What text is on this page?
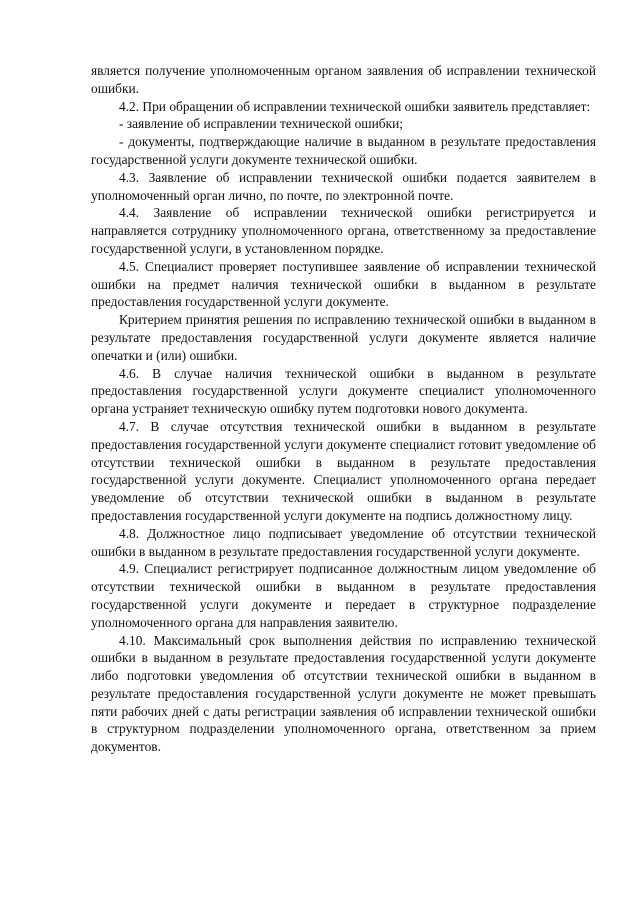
является получение уполномоченным органом заявления об исправлении технической ошибки.

4.2. При обращении об исправлении технической ошибки заявитель представляет:

- заявление об исправлении технической ошибки;

- документы, подтверждающие наличие в выданном в результате предоставления государственной услуги документе технической ошибки.

4.3. Заявление об исправлении технической ошибки подается заявителем в уполномоченный орган лично, по почте, по электронной почте.

4.4. Заявление об исправлении технической ошибки регистрируется и направляется сотруднику уполномоченного органа, ответственному за предоставление государственной услуги, в установленном порядке.

4.5. Специалист проверяет поступившее заявление об исправлении технической ошибки на предмет наличия технической ошибки в выданном в результате предоставления государственной услуги документе.

Критерием принятия решения по исправлению технической ошибки в выданном в результате предоставления государственной услуги документе является наличие опечатки и (или) ошибки.

4.6. В случае наличия технической ошибки в выданном в результате предоставления государственной услуги документе специалист уполномоченного органа устраняет техническую ошибку путем подготовки нового документа.

4.7. В случае отсутствия технической ошибки в выданном в результате предоставления государственной услуги документе специалист готовит уведомление об отсутствии технической ошибки в выданном в результате предоставления государственной услуги документе. Специалист уполномоченного органа передает уведомление об отсутствии технической ошибки в выданном в результате предоставления государственной услуги документе на подпись должностному лицу.

4.8. Должностное лицо подписывает уведомление об отсутствии технической ошибки в выданном в результате предоставления государственной услуги документе.

4.9. Специалист регистрирует подписанное должностным лицом уведомление об отсутствии технической ошибки в выданном в результате предоставления государственной услуги документе и передает в структурное подразделение уполномоченного органа для направления заявителю.

4.10. Максимальный срок выполнения действия по исправлению технической ошибки в выданном в результате предоставления государственной услуги документе либо подготовки уведомления об отсутствии технической ошибки в выданном в результате предоставления государственной услуги документе не может превышать пяти рабочих дней с даты регистрации заявления об исправлении технической ошибки в структурном подразделении уполномоченного органа, ответственном за прием документов.
